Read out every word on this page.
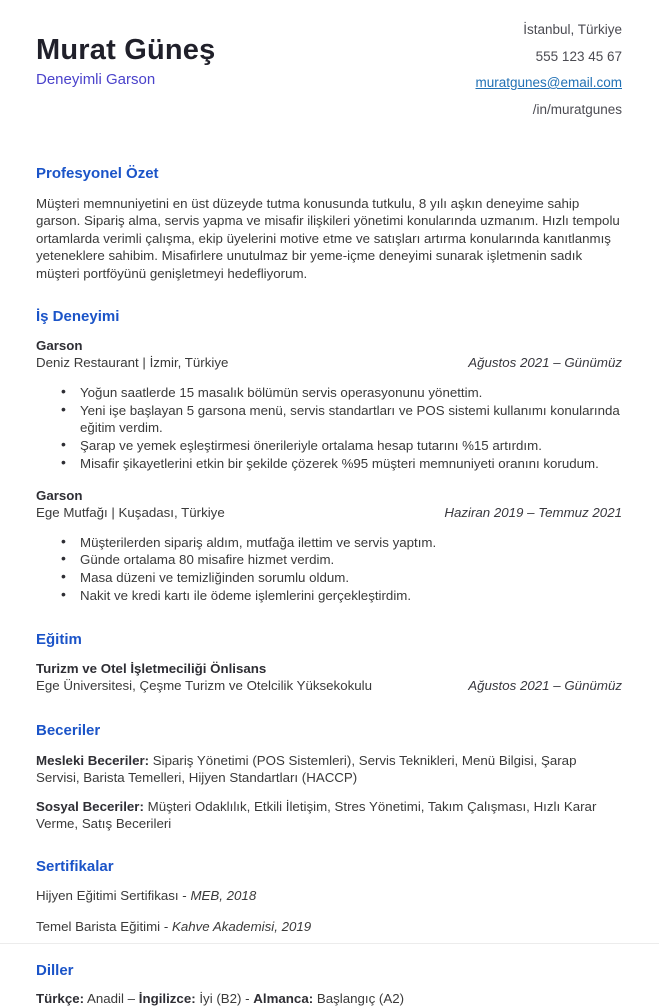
Murat Güneş
Deneyimli Garson
İstanbul, Türkiye
555 123 45 67
muratgunes@email.com
/in/muratgunes
Profesyonel Özet

Müşteri memnuniyetini en üst düzeyde tutma konusunda tutkulu, 8 yılı aşkın deneyime sahip garson. Sipariş alma, servis yapma ve misafir ilişkileri yönetimi konularında uzmanım. Hızlı tempolu ortamlarda verimli çalışma, ekip üyelerini motive etme ve satışları artırma konularında kanıtlanmış yeteneklere sahibim. Misafirlere unutulmaz bir yeme-içme deneyimi sunarak işletmenin sadık müşteri portföyünü genişletmeyi hedefliyorum.

İş Deneyimi
Garson
Deniz Restaurant | İzmir, Türkiye	Ağustos 2021 – Günümüz
• Yoğun saatlerde 15 masalık bölümün servis operasyonunu yönettim.
• Yeni işe başlayan 5 garsona menü, servis standartları ve POS sistemi kullanımı konularında eğitim verdim.
• Şarap ve yemek eşleştirmesi önerileriyle ortalama hesap tutarını %15 artırdım.
• Misafir şikayetlerini etkin bir şekilde çözerek %95 müşteri memnuniyeti oranını korudum.
Garson
Ege Mutfağı | Kuşadası, Türkiye	Haziran 2019 – Temmuz 2021
• Müşterilerden sipariş aldım, mutfağa ilettim ve servis yaptım.
• Günde ortalama 80 misafire hizmet verdim.
• Masa düzeni ve temizliğinden sorumlu oldum.
• Nakit ve kredi kartı ile ödeme işlemlerini gerçekleştirdim.
Eğitim
Turizm ve Otel İşletmeciliği Önlisans
Ege Üniversitesi, Çeşme Turizm ve Otelcilik Yüksekokulu	Ağustos 2021 – Günümüz
Beceriler

Mesleki Beceriler: Sipariş Yönetimi (POS Sistemleri), Servis Teknikleri, Menü Bilgisi, Şarap Servisi, Barista Temelleri, Hijyen Standartları (HACCP)

Sosyal Beceriler: Müşteri Odaklılık, Etkili İletişim, Stres Yönetimi, Takım Çalışması, Hızlı Karar Verme, Satış Becerileri

Sertifikalar

Hijyen Eğitimi Sertifikası - MEB, 2018

Temel Barista Eğitimi - Kahve Akademisi, 2019

Diller

Türkçe: Anadil – İngilizce: İyi (B2) - Almanca: Başlangıç (A2)
